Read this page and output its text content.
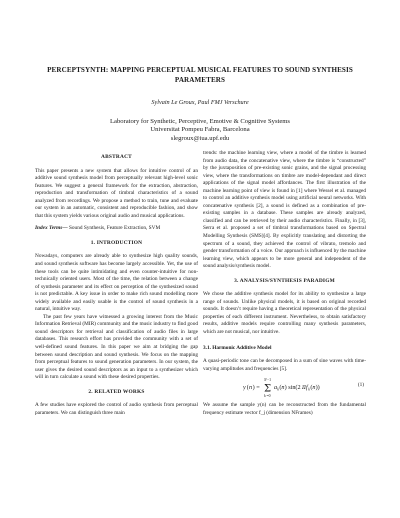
PERCEPTSYNTH: MAPPING PERCEPTUAL MUSICAL FEATURES TO SOUND SYNTHESIS PARAMETERS
Sylvain Le Groux, Paul FMJ Verschure
Laboratory for Synthetic, Perceptive, Emotive & Cognitive Systems
Universitat Pompeu Fabra, Barcelona
slegroux@iua.upf.edu
ABSTRACT

This paper presents a new system that allows for intuitive control of an additive sound synthesis model from perceptually relevant high-level sonic features. We suggest a general framework for the extraction, abstraction, reproduction and transformation of timbral characteristics of a sound analyzed from recordings. We propose a method to train, tune and evaluate our system in an automatic, consistent and reproducible fashion, and show that this system yields various original audio and musical applications.

Index Terms— Sound Synthesis, Feature Extraction, SVM

1. INTRODUCTION

Nowadays, computers are already able to synthesize high quality sounds, and sound synthesis software has become largely accessible. Yet, the use of these tools can be quite intimidating and even counter-intuitive for non-technically oriented users. Most of the time, the relation between a change of synthesis parameter and its effect on perception of the synthesized sound is not predictable. A key issue in order to make rich sound modelling more widely available and easily usable is the control of sound synthesis in a natural, intuitive way.

The past few years have witnessed a growing interest from the Music Information Retrieval (MIR) community and the music industry to find good sound descriptors for retrieval and classification of audio files in large databases. This research effort has provided the community with a set of well-defined sound features. In this paper we aim at bridging the gap between sound description and sound synthesis. We focus on the mapping from perceptual features to sound generation parameters. In our system, the user gives the desired sound descriptors as an input to a synthesizer which will in turn calculate a sound with these desired properties.

2. RELATED WORKS

A few studies have explored the control of audio synthesis from perceptual parameters. We can distinguish three main

trends: the machine learning view, where a model of the timbre is learned from audio data, the concatenative view, where the timbre is “constructed” by the juxtaposition of pre-existing sonic grains, and the signal processing view, where the transformations on timbre are model-dependant and direct applications of the signal model affordances. The first illustration of the machine learning point of view is found in [1] where Wessel et al. managed to control an additive synthesis model using artificial neural networks. With concatenative synthesis [2], a sound is defined as a combination of pre-existing samples in a database. These samples are already analyzed, classified and can be retrieved by their audio characteristics. Finally, in [3], Serra et al. proposed a set of timbral transformations based on Spectral Modelling Synthesis (SMS)[4]. By explicitly translating and distorting the spectrum of a sound, they achieved the control of vibrato, tremolo and gender transformation of a voice. Our approach is influenced by the machine learning view, which appears to be more general and independent of the sound analysis/synthesis model.

3. ANALYSIS/SYNTHESIS PARADIGM

We chose the additive synthesis model for its ability to synthesize a large range of sounds. Unlike physical models, it is based on original recorded sounds. It doesn’t require having a theoretical representation of the physical properties of each different instrument. Nevertheless, to obtain satisfactory results, additive models require controlling many synthesis parameters, which are not musical, nor intuitive.

3.1. Harmonic Additive Model

A quasi-periodic tone can be decomposed in a sum of sine waves with time-varying amplitudes and frequencies [5].

y ( n ) =
N −1
Σ
k =0
a k ( n ) sin(2 π f k ( n ))	(1)

We assume the sample y(n) can be reconstructed from the fundamental frequency estimate vector f_j (dimension NFrames)
